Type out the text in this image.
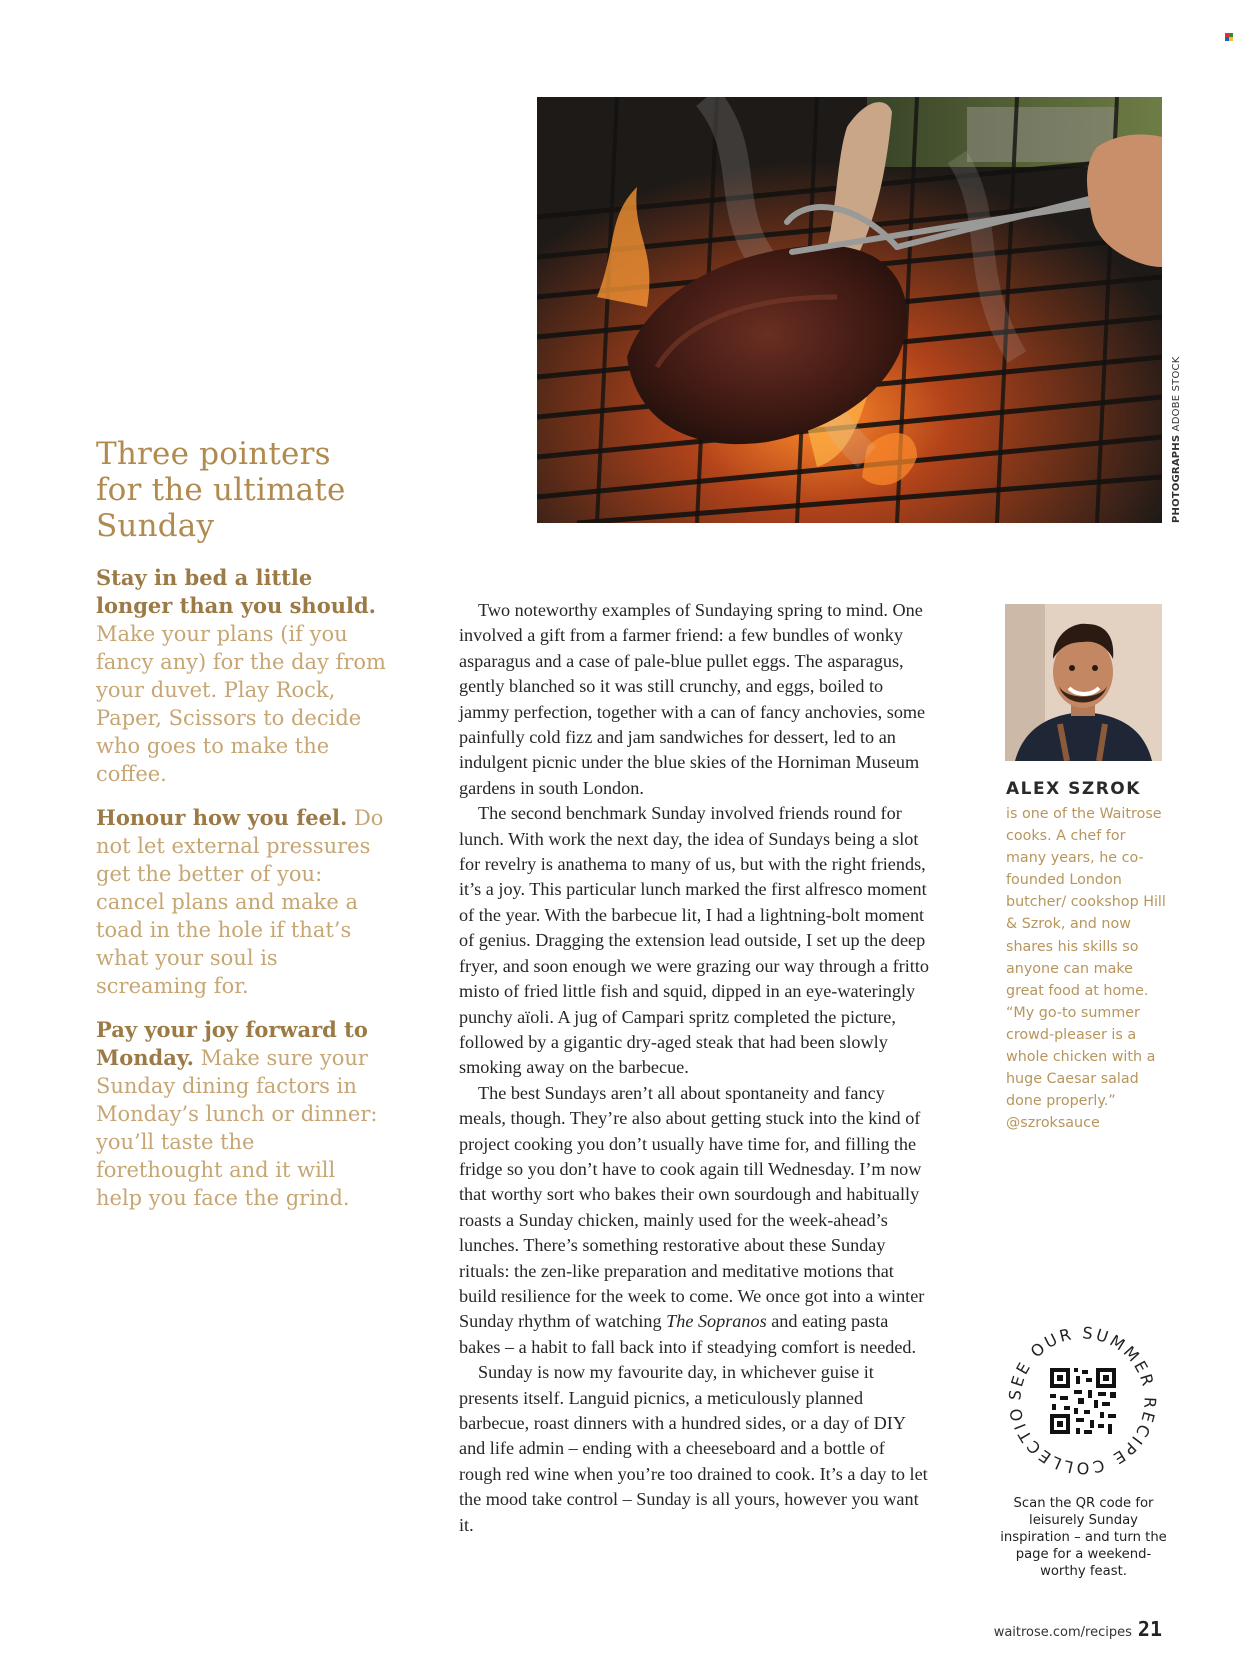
PHOTOGRAPHS ADOBE STOCK
Three pointers for the ultimate Sunday

Stay in bed a little longer than you should. Make your plans (if you fancy any) for the day from your duvet. Play Rock, Paper, Scissors to decide who goes to make the coffee.

Honour how you feel. Do not let external pressures get the better of you: cancel plans and make a toad in the hole if that’s what your soul is screaming for.

Pay your joy forward to Monday. Make sure your Sunday dining factors in Monday’s lunch or dinner: you’ll taste the forethought and it will help you face the grind.

Two noteworthy examples of Sundaying spring to mind. One involved a gift from a farmer friend: a few bundles of wonky asparagus and a case of pale-blue pullet eggs. The asparagus, gently blanched so it was still crunchy, and eggs, boiled to jammy perfection, together with a can of fancy anchovies, some painfully cold fizz and jam sandwiches for dessert, led to an indulgent picnic under the blue skies of the Horniman Museum gardens in south London.

The second benchmark Sunday involved friends round for lunch. With work the next day, the idea of Sundays being a slot for revelry is anathema to many of us, but with the right friends, it’s a joy. This particular lunch marked the first alfresco moment of the year. With the barbecue lit, I had a lightning-bolt moment of genius. Dragging the extension lead outside, I set up the deep fryer, and soon enough we were grazing our way through a fritto misto of fried little fish and squid, dipped in an eye-wateringly punchy aïoli. A jug of Campari spritz completed the picture, followed by a gigantic dry-aged steak that had been slowly smoking away on the barbecue.

The best Sundays aren’t all about spontaneity and fancy meals, though. They’re also about getting stuck into the kind of project cooking you don’t usually have time for, and filling the fridge so you don’t have to cook again till Wednesday. I’m now that worthy sort who bakes their own sourdough and habitually roasts a Sunday chicken, mainly used for the week-ahead’s lunches. There’s something restorative about these Sunday rituals: the zen-like preparation and meditative motions that build resilience for the week to come. We once got into a winter Sunday rhythm of watching The Sopranos and eating pasta bakes – a habit to fall back into if steadying comfort is needed.

Sunday is now my favourite day, in whichever guise it presents itself. Languid picnics, a meticulously planned barbecue, roast dinners with a hundred sides, or a day of DIY and life admin – ending with a cheeseboard and a bottle of rough red wine when you’re too drained to cook. It’s a day to let the mood take control – Sunday is all yours, however you want it.

ALEX SZROK
is one of the Waitrose cooks. A chef for many years, he co-founded London butcher/ cookshop Hill & Szrok, and now shares his skills so anyone can make great food at home. “My go-to summer crowd-pleaser is a whole chicken with a huge Caesar salad done properly.” @szroksauce
SEE OUR SUMMER RECIPE COLLECTIO
Scan the QR code for leisurely Sunday inspiration – and turn the page for a weekend-worthy feast.
waitrose.com/recipes 21
